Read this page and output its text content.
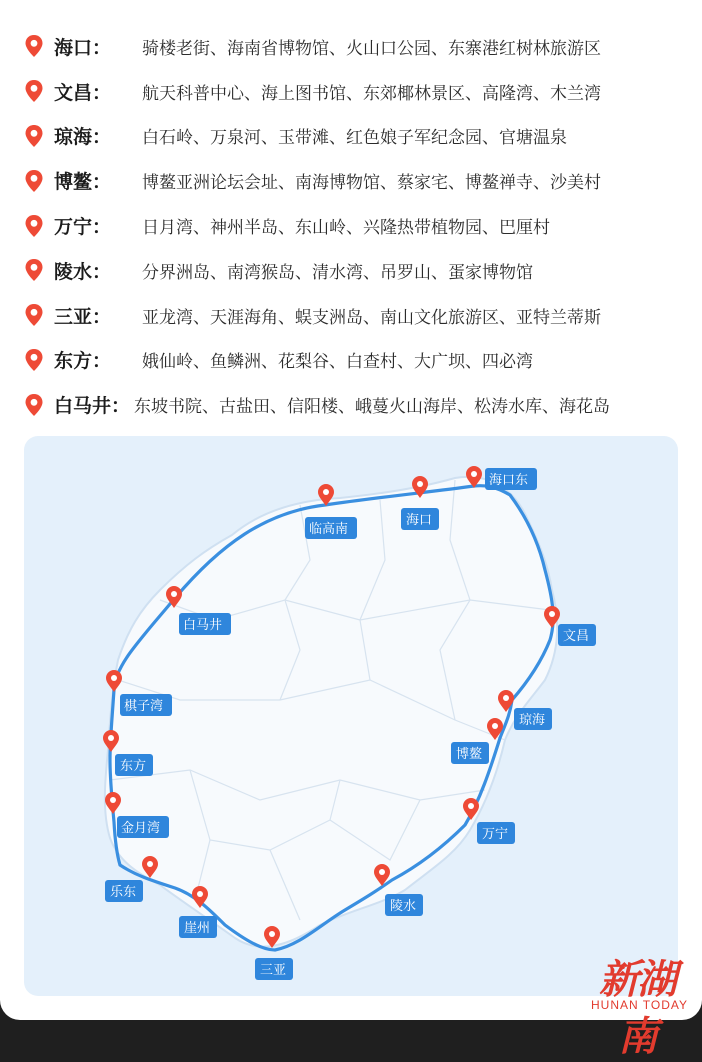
海口：	骑楼老街、海南省博物馆、火山口公园、东寨港红树林旅游区
文昌：	航天科普中心、海上图书馆、东郊椰林景区、高隆湾、木兰湾
琼海：	白石岭、万泉河、玉带滩、红色娘子军纪念园、官塘温泉
博鳌：	博鳌亚洲论坛会址、南海博物馆、蔡家宅、博鳌禅寺、沙美村
万宁：	日月湾、神州半岛、东山岭、兴隆热带植物园、巴厘村
陵水：	分界洲岛、南湾猴岛、清水湾、吊罗山、蛋家博物馆
三亚：	亚龙湾、天涯海角、蜈支洲岛、南山文化旅游区、亚特兰蒂斯
东方：	娥仙岭、鱼鳞洲、花梨谷、白查村、大广坝、四必湾
白马井： 东坡书院、古盐田、信阳楼、峨蔓火山海岸、松涛水库、海花岛
海口东
海口
临高南
白马井
棋子湾
东方
金月湾
乐东
崖州
三亚
陵水
万宁
博鳌
琼海
文昌
新湖
HUNAN TODAY
